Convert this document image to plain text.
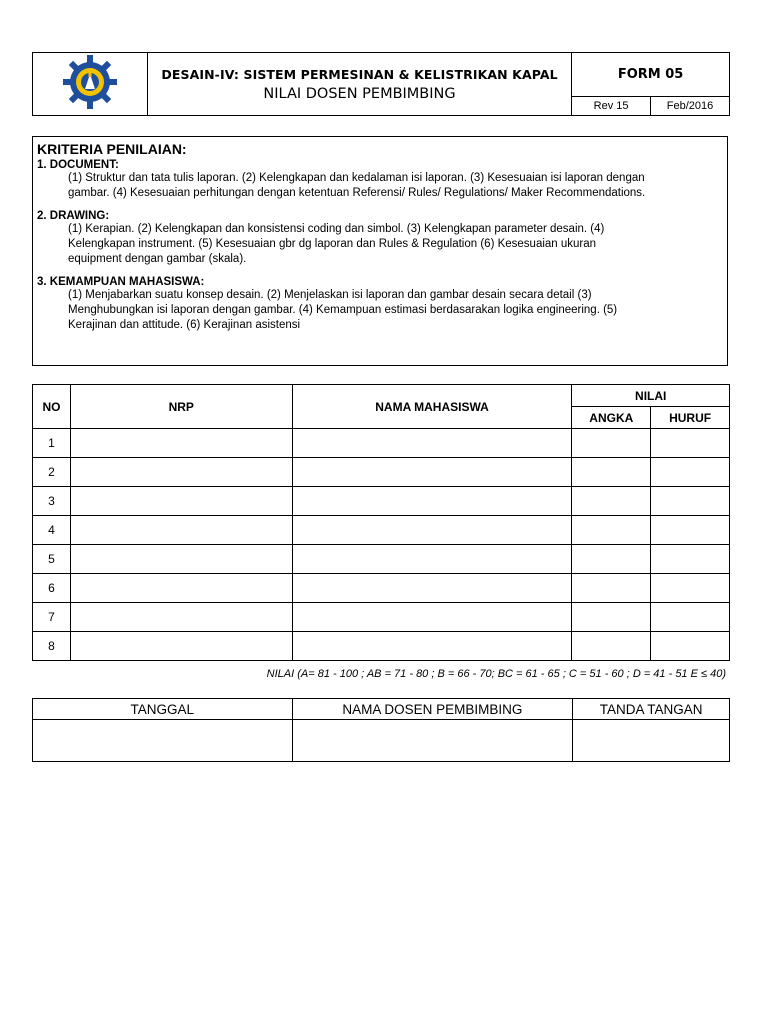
DESAIN-IV: SISTEM PERMESINAN & KELISTRIKAN KAPAL
NILAI DOSEN PEMBIMBING	FORM 05	
		Rev 15	Feb/2016
KRITERIA PENILAIAN:
1. DOCUMENT:
(1) Struktur dan tata tulis laporan. (2) Kelengkapan dan kedalaman isi laporan. (3) Kesesuaian isi laporan dengan
gambar. (4) Kesesuaian perhitungan dengan ketentuan Referensi/ Rules/ Regulations/ Maker Recommendations.
2. DRAWING:
(1) Kerapian. (2) Kelengkapan dan konsistensi coding dan simbol. (3) Kelengkapan parameter desain. (4)
Kelengkapan instrument. (5) Kesesuaian gbr dg laporan dan Rules & Regulation (6) Kesesuaian ukuran
equipment dengan gambar (skala).
3. KEMAMPUAN MAHASISWA:
(1) Menjabarkan suatu konsep desain. (2) Menjelaskan isi laporan dan gambar desain secara detail (3)
Menghubungkan isi laporan dengan gambar. (4) Kemampuan estimasi berdasarakan logika engineering. (5)
Kerajinan dan attitude. (6) Kerajinan asistensi
NO	NRP	NAMA MAHASISWA	NILAI	
			ANGKA	HURUF
1				
2				
3				
4				
5				
6				
7				
8				
NILAI (A= 81 - 100 ; AB = 71 - 80 ; B = 66 - 70; BC = 61 - 65 ; C = 51 - 60 ; D = 41 - 51 E ≤ 40)
TANGGAL	NAMA DOSEN PEMBIMBING	TANDA TANGAN
